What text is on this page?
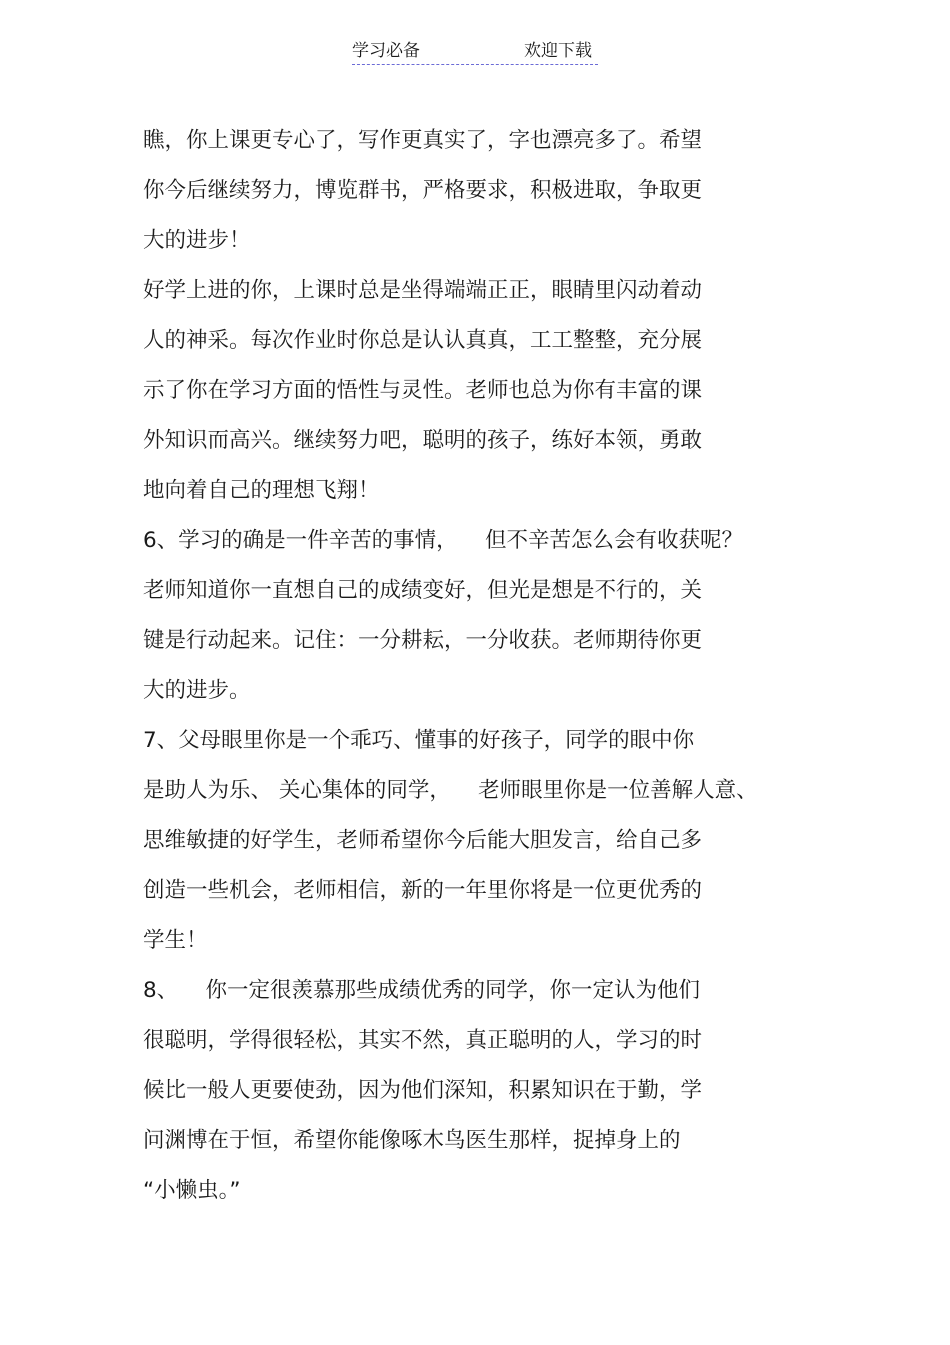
学习必备	欢迎下载
瞧，你上课更专心了，写作更真实了，字也漂亮多了。希望
你今后继续努力，博览群书，严格要求，积极进取，争取更
大的进步！
好学上进的你，上课时总是坐得端端正正，眼睛里闪动着动
人的神采。每次作业时你总是认认真真，工工整整，充分展
示了你在学习方面的悟性与灵性。老师也总为你有丰富的课
外知识而高兴。继续努力吧，聪明的孩子，练好本领，勇敢
地向着自己的理想飞翔！
6、学习的确是一件辛苦的事情，    但不辛苦怎么会有收获呢？
老师知道你一直想自己的成绩变好，但光是想是不行的，关
键是行动起来。记住：一分耕耘，一分收获。老师期待你更
大的进步。
7、父母眼里你是一个乖巧、懂事的好孩子，同学的眼中你
是助人为乐、 关心集体的同学，    老师眼里你是一位善解人意、
思维敏捷的好学生，老师希望你今后能大胆发言，给自己多
创造一些机会，老师相信，新的一年里你将是一位更优秀的
学生！
8、    你一定很羡慕那些成绩优秀的同学，你一定认为他们
很聪明，学得很轻松，其实不然，真正聪明的人，学习的时
候比一般人更要使劲，因为他们深知，积累知识在于勤，学
问渊博在于恒，希望你能像啄木鸟医生那样，捉掉身上的
“小懒虫。”
